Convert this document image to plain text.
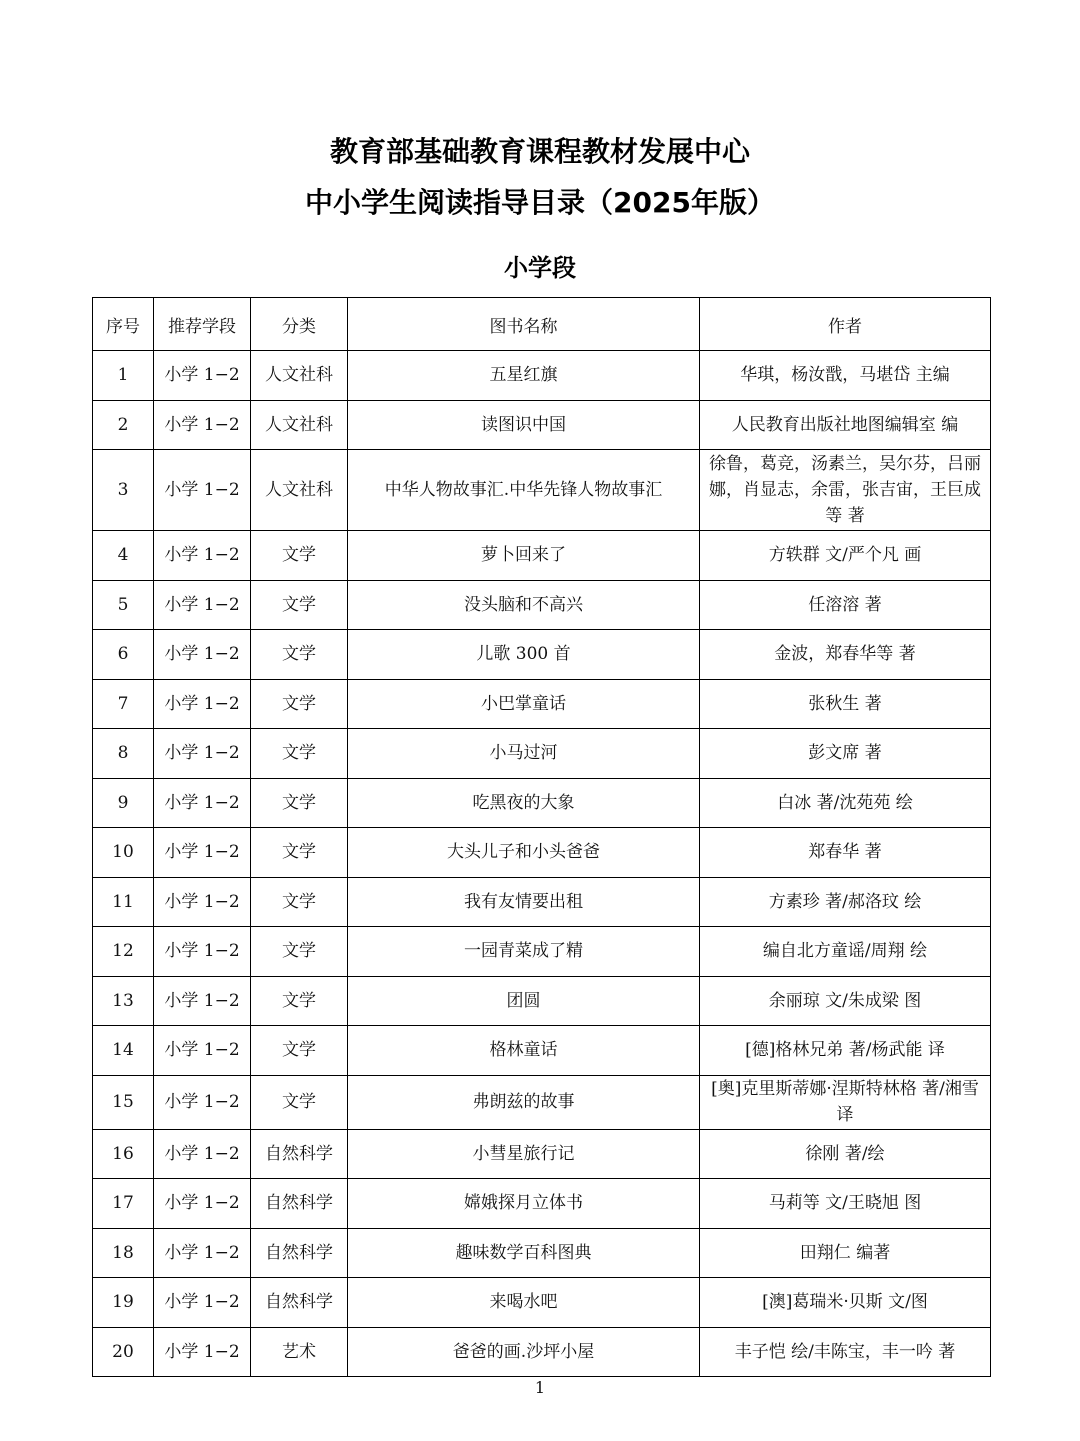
教育部基础教育课程教材发展中心
中小学生阅读指导目录（2025年版）
小学段
序号	推荐学段	分类	图书名称	作者
1	小学 1−2	人文社科	五星红旗	华琪，杨汝戬，马堪岱 主编
2	小学 1−2	人文社科	读图识中国	人民教育出版社地图编辑室 编
3	小学 1−2	人文社科	中华人物故事汇.中华先锋人物故事汇	徐鲁，葛竞，汤素兰，吴尔芬，吕丽娜，肖显志，余雷，张吉宙，王巨成等 著
4	小学 1−2	文学	萝卜回来了	方轶群 文/严个凡 画
5	小学 1−2	文学	没头脑和不高兴	任溶溶 著
6	小学 1−2	文学	儿歌 300 首	金波，郑春华等 著
7	小学 1−2	文学	小巴掌童话	张秋生 著
8	小学 1−2	文学	小马过河	彭文席 著
9	小学 1−2	文学	吃黑夜的大象	白冰 著/沈苑苑 绘
10	小学 1−2	文学	大头儿子和小头爸爸	郑春华 著
11	小学 1−2	文学	我有友情要出租	方素珍 著/郝洛玟 绘
12	小学 1−2	文学	一园青菜成了精	编自北方童谣/周翔 绘
13	小学 1−2	文学	团圆	余丽琼 文/朱成梁 图
14	小学 1−2	文学	格林童话	[德]格林兄弟 著/杨武能 译
15	小学 1−2	文学	弗朗兹的故事	[奥]克里斯蒂娜·涅斯特林格 著/湘雪 译
16	小学 1−2	自然科学	小彗星旅行记	徐刚 著/绘
17	小学 1−2	自然科学	嫦娥探月立体书	马莉等 文/王晓旭 图
18	小学 1−2	自然科学	趣味数学百科图典	田翔仁 编著
19	小学 1−2	自然科学	来喝水吧	[澳]葛瑞米·贝斯 文/图
20	小学 1−2	艺术	爸爸的画.沙坪小屋	丰子恺 绘/丰陈宝，丰一吟 著
1
